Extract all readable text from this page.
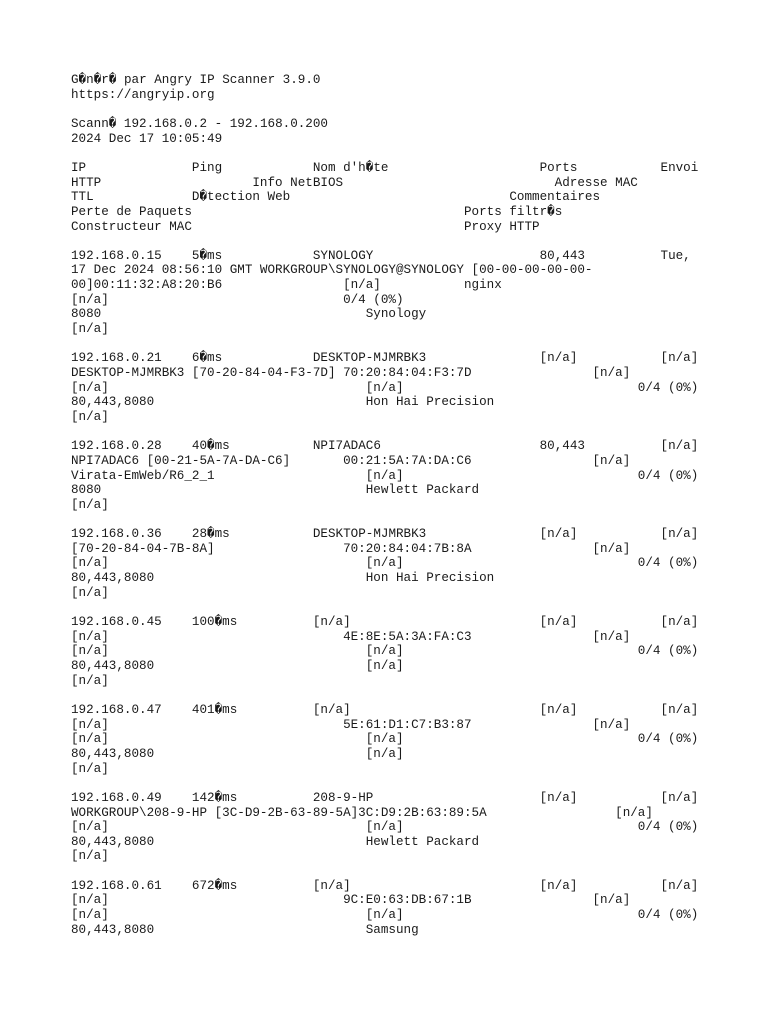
G�n�r� par Angry IP Scanner 3.9.0
https://angryip.org
Scann� 192.168.0.2 - 192.168.0.200
2024 Dec 17 10:05:49
IP              Ping            Nom d'h�te                    Ports           Envoi
HTTP                    Info NetBIOS                            Adresse MAC
TTL             D�tection Web                             Commentaires
Perte de Paquets                                    Ports filtr�s
Constructeur MAC                                    Proxy HTTP
192.168.0.15    5�ms            SYNOLOGY                      80,443          Tue,
17 Dec 2024 08:56:10 GMT WORKGROUP\SYNOLOGY@SYNOLOGY [00-00-00-00-00-
00]00:11:32:A8:20:B6                [n/a]           nginx
[n/a]                               0/4 (0%)
8080                                   Synology
[n/a]
192.168.0.21    6�ms            DESKTOP-MJMRBK3               [n/a]           [n/a]
DESKTOP-MJMRBK3 [70-20-84-04-F3-7D] 70:20:84:04:F3:7D                [n/a]
[n/a]                                  [n/a]                               0/4 (0%)
80,443,8080                            Hon Hai Precision
[n/a]
192.168.0.28    40�ms           NPI7ADAC6                     80,443          [n/a]
NPI7ADAC6 [00-21-5A-7A-DA-C6]       00:21:5A:7A:DA:C6                [n/a]
Virata-EmWeb/R6_2_1                    [n/a]                               0/4 (0%)
8080                                   Hewlett Packard
[n/a]
192.168.0.36    28�ms           DESKTOP-MJMRBK3               [n/a]           [n/a]
[70-20-84-04-7B-8A]                 70:20:84:04:7B:8A                [n/a]
[n/a]                                  [n/a]                               0/4 (0%)
80,443,8080                            Hon Hai Precision
[n/a]
192.168.0.45    100�ms          [n/a]                         [n/a]           [n/a]
[n/a]                               4E:8E:5A:3A:FA:C3                [n/a]
[n/a]                                  [n/a]                               0/4 (0%)
80,443,8080                            [n/a]
[n/a]
192.168.0.47    401�ms          [n/a]                         [n/a]           [n/a]
[n/a]                               5E:61:D1:C7:B3:87                [n/a]
[n/a]                                  [n/a]                               0/4 (0%)
80,443,8080                            [n/a]
[n/a]
192.168.0.49    142�ms          208-9-HP                      [n/a]           [n/a]
WORKGROUP\208-9-HP [3C-D9-2B-63-89-5A]3C:D9:2B:63:89:5A                 [n/a]
[n/a]                                  [n/a]                               0/4 (0%)
80,443,8080                            Hewlett Packard
[n/a]
192.168.0.61    672�ms          [n/a]                         [n/a]           [n/a]
[n/a]                               9C:E0:63:DB:67:1B                [n/a]
[n/a]                                  [n/a]                               0/4 (0%)
80,443,8080                            Samsung
